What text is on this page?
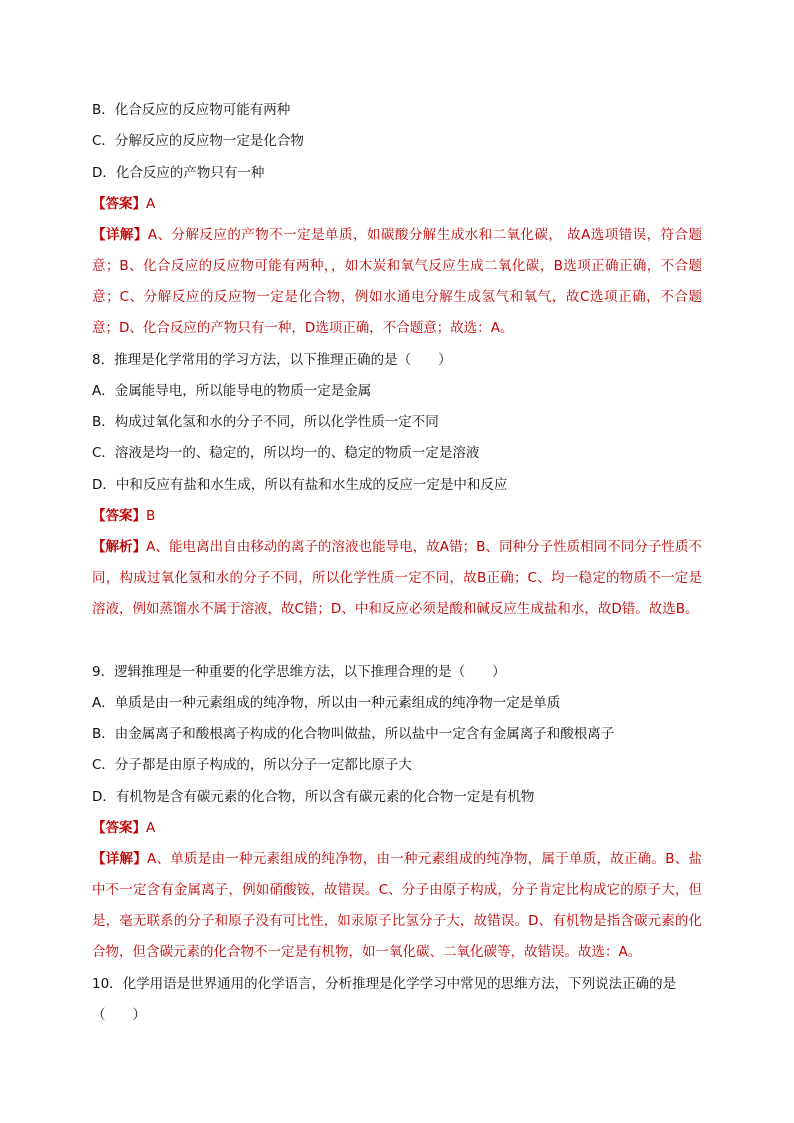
B．化合反应的反应物可能有两种
C．分解反应的反应物一定是化合物
D．化合反应的产物只有一种
【答案】A
【详解】A、分解反应的产物不一定是单质，如碳酸分解生成水和二氧化碳， 故A选项错误，符合题意；B、化合反应的反应物可能有两种，，如木炭和氧气反应生成二氧化碳，B选项正确正确，不合题意；C、分解反应的反应物一定是化合物，例如水通电分解生成氢气和氧气，故C选项正确，不合题意；D、化合反应的产物只有一种，D选项正确，不合题意；故选：A。
8．推理是化学常用的学习方法，以下推理正确的是（　　）
A．金属能导电，所以能导电的物质一定是金属
B．构成过氧化氢和水的分子不同，所以化学性质一定不同
C．溶液是均一的、稳定的，所以均一的、稳定的物质一定是溶液
D．中和反应有盐和水生成，所以有盐和水生成的反应一定是中和反应
【答案】B
【解析】A、能电离出自由移动的离子的溶液也能导电，故A错；B、同种分子性质相同不同分子性质不同，构成过氧化氢和水的分子不同，所以化学性质一定不同，故B正确；C、均一稳定的物质不一定是溶液，例如蒸馏水不属于溶液，故C错；D、中和反应必须是酸和碱反应生成盐和水，故D错。故选B。
9．逻辑推理是一种重要的化学思维方法，以下推理合理的是（　　）
A．单质是由一种元素组成的纯净物，所以由一种元素组成的纯净物一定是单质
B．由金属离子和酸根离子构成的化合物叫做盐，所以盐中一定含有金属离子和酸根离子
C．分子都是由原子构成的，所以分子一定都比原子大
D．有机物是含有碳元素的化合物，所以含有碳元素的化合物一定是有机物
【答案】A
【详解】A、单质是由一种元素组成的纯净物，由一种元素组成的纯净物，属于单质，故正确。B、盐中不一定含有金属离子，例如硝酸铵，故错误。C、分子由原子构成，分子肯定比构成它的原子大，但是，毫无联系的分子和原子没有可比性，如汞原子比氢分子大，故错误。D、有机物是指含碳元素的化合物，但含碳元素的化合物不一定是有机物，如一氧化碳、二氧化碳等，故错误。故选：A。
10．化学用语是世界通用的化学语言，分析推理是化学学习中常见的思维方法，下列说法正确的是
（　　）
